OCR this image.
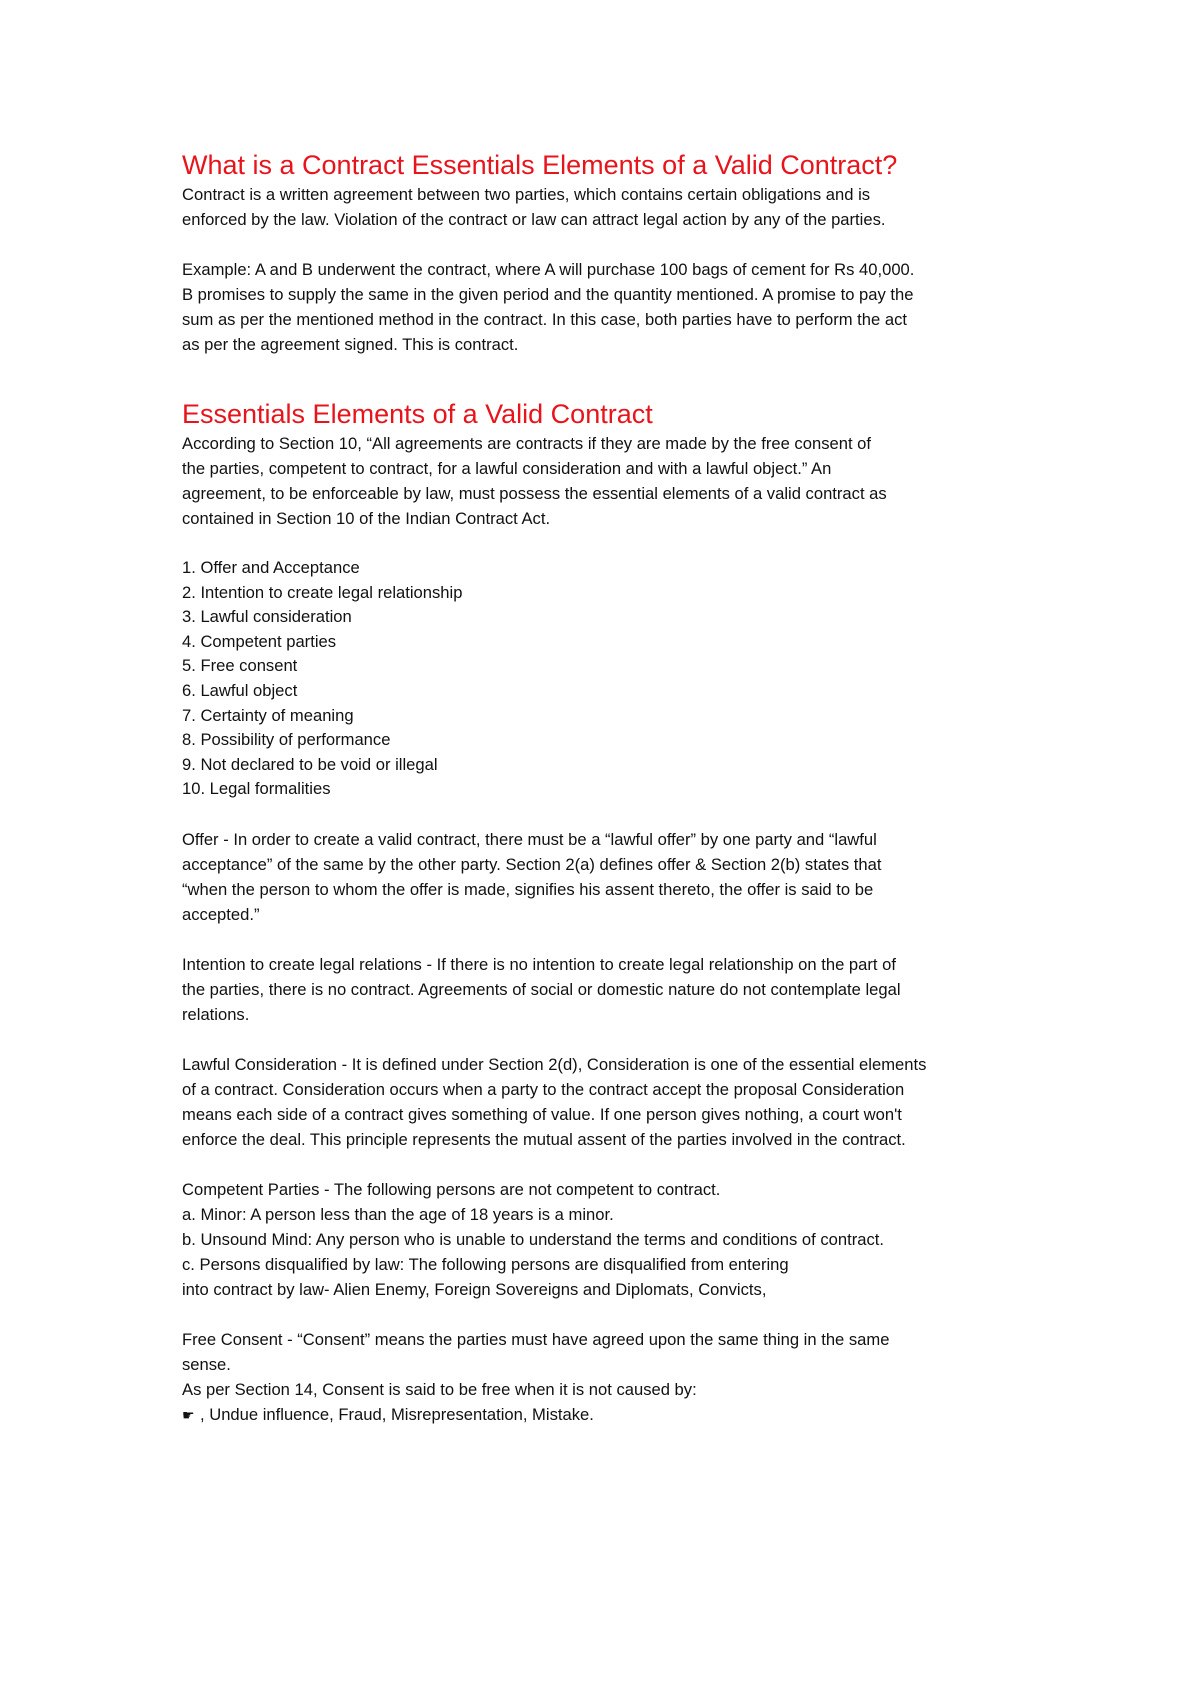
What is a Contract Essentials Elements of a Valid Contract?

Contract is a written agreement between two parties, which contains certain obligations and is
enforced by the law. Violation of the contract or law can attract legal action by any of the parties.

Example: A and B underwent the contract, where A will purchase 100 bags of cement for Rs 40,000.
B promises to supply the same in the given period and the quantity mentioned. A promise to pay the
sum as per the mentioned method in the contract. In this case, both parties have to perform the act
as per the agreement signed. This is contract.

Essentials Elements of a Valid Contract

According to Section 10, “All agreements are contracts if they are made by the free consent of
the parties, competent to contract, for a lawful consideration and with a lawful object.” An
agreement, to be enforceable by law, must possess the essential elements of a valid contract as
contained in Section 10 of the Indian Contract Act.

1. Offer and Acceptance
2. Intention to create legal relationship
3. Lawful consideration
4. Competent parties
5. Free consent
6. Lawful object
7. Certainty of meaning
8. Possibility of performance
9. Not declared to be void or illegal
10. Legal formalities

Offer - In order to create a valid contract, there must be a “lawful offer” by one party and “lawful
acceptance” of the same by the other party. Section 2(a) defines offer & Section 2(b) states that
“when the person to whom the offer is made, signifies his assent thereto, the offer is said to be
accepted.”

Intention to create legal relations - If there is no intention to create legal relationship on the part of
the parties, there is no contract. Agreements of social or domestic nature do not contemplate legal
relations.

Lawful Consideration - It is defined under Section 2(d), Consideration is one of the essential elements
of a contract. Consideration occurs when a party to the contract accept the proposal Consideration
means each side of a contract gives something of value. If one person gives nothing, a court won't
enforce the deal. This principle represents the mutual assent of the parties involved in the contract.

Competent Parties - The following persons are not competent to contract.
a. Minor: A person less than the age of 18 years is a minor.
b. Unsound Mind: Any person who is unable to understand the terms and conditions of contract.
c. Persons disqualified by law: The following persons are disqualified from entering
into contract by law- Alien Enemy, Foreign Sovereigns and Diplomats, Convicts,

Free Consent - “Consent” means the parties must have agreed upon the same thing in the same
sense.
As per Section 14, Consent is said to be free when it is not caused by:
☛ , Undue influence, Fraud, Misrepresentation, Mistake.
